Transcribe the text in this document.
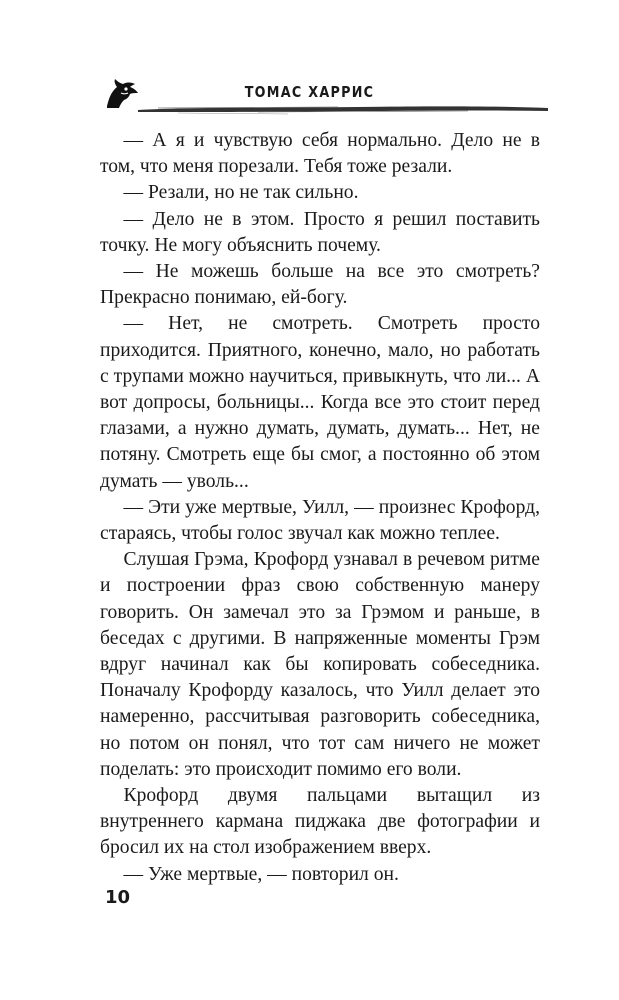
ТОМАС ХАРРИС

— А я и чувствую себя нормально. Дело не в том, что меня порезали. Тебя тоже резали.

— Резали, но не так сильно.

— Дело не в этом. Просто я решил поставить точку. Не могу объяснить почему.

— Не можешь больше на все это смотреть? Прекрасно понимаю, ей-богу.

— Нет, не смотреть. Смотреть просто приходится. Приятного, конечно, мало, но работать с трупами можно научиться, привыкнуть, что ли... А вот допросы, больницы... Когда все это стоит перед глазами, а нужно думать, думать, думать... Нет, не потяну. Смотреть еще бы смог, а постоянно об этом думать — уволь...

— Эти уже мертвые, Уилл, — произнес Крофорд, стараясь, чтобы голос звучал как можно теплее.

Слушая Грэма, Крофорд узнавал в речевом ритме и построении фраз свою собственную манеру говорить. Он замечал это за Грэмом и раньше, в беседах с другими. В напряженные моменты Грэм вдруг начинал как бы копировать собеседника. Поначалу Крофорду казалось, что Уилл делает это намеренно, рассчитывая разговорить собеседника, но потом он понял, что тот сам ничего не может поделать: это происходит помимо его воли.

Крофорд двумя пальцами вытащил из внутреннего кармана пиджака две фотографии и бросил их на стол изображением вверх.

— Уже мертвые, — повторил он.

10
